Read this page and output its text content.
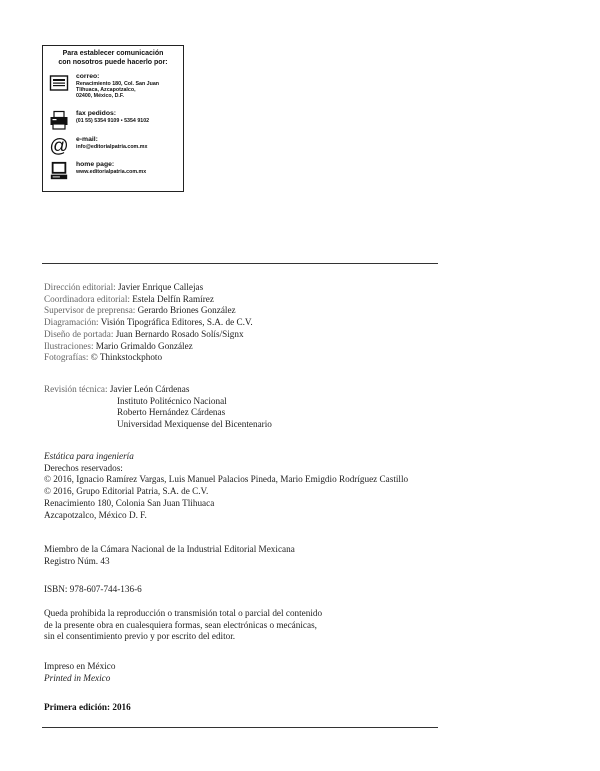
Para establecer comunicación
con nosotros puede hacerlo por:
correo:
Renacimiento 180, Col. San Juan
Tlihuaca, Azcapotzalco,
02400, México, D.F.
fax pedidos:
(01 55) 5354 9109 • 5354 9102
@ e-mail:
info@editorialpatria.com.mx
home page:
www.editorialpatria.com.mx
Dirección editorial: Javier Enrique Callejas
Coordinadora editorial: Estela Delfín Ramírez
Supervisor de preprensa: Gerardo Briones González
Diagramación: Visión Tipográfica Editores, S.A. de C.V.
Diseño de portada: Juan Bernardo Rosado Solís/Signx
Ilustraciones: Mario Grimaldo González
Fotografías: © Thinkstockphoto
Revisión técnica: Javier León Cárdenas
Instituto Politécnico Nacional
Roberto Hernández Cárdenas
Universidad Mexiquense del Bicentenario
Estática para ingeniería
Derechos reservados:
© 2016, Ignacio Ramírez Vargas, Luis Manuel Palacios Pineda, Mario Emigdio Rodríguez Castillo
© 2016, Grupo Editorial Patria, S.A. de C.V.
Renacimiento 180, Colonia San Juan Tlihuaca
Azcapotzalco, México D. F.
Miembro de la Cámara Nacional de la Industrial Editorial Mexicana
Registro Núm. 43
ISBN: 978-607-744-136-6
Queda prohibida la reproducción o transmisión total o parcial del contenido
de la presente obra en cualesquiera formas, sean electrónicas o mecánicas,
sin el consentimiento previo y por escrito del editor.
Impreso en México
Printed in Mexico
Primera edición: 2016
